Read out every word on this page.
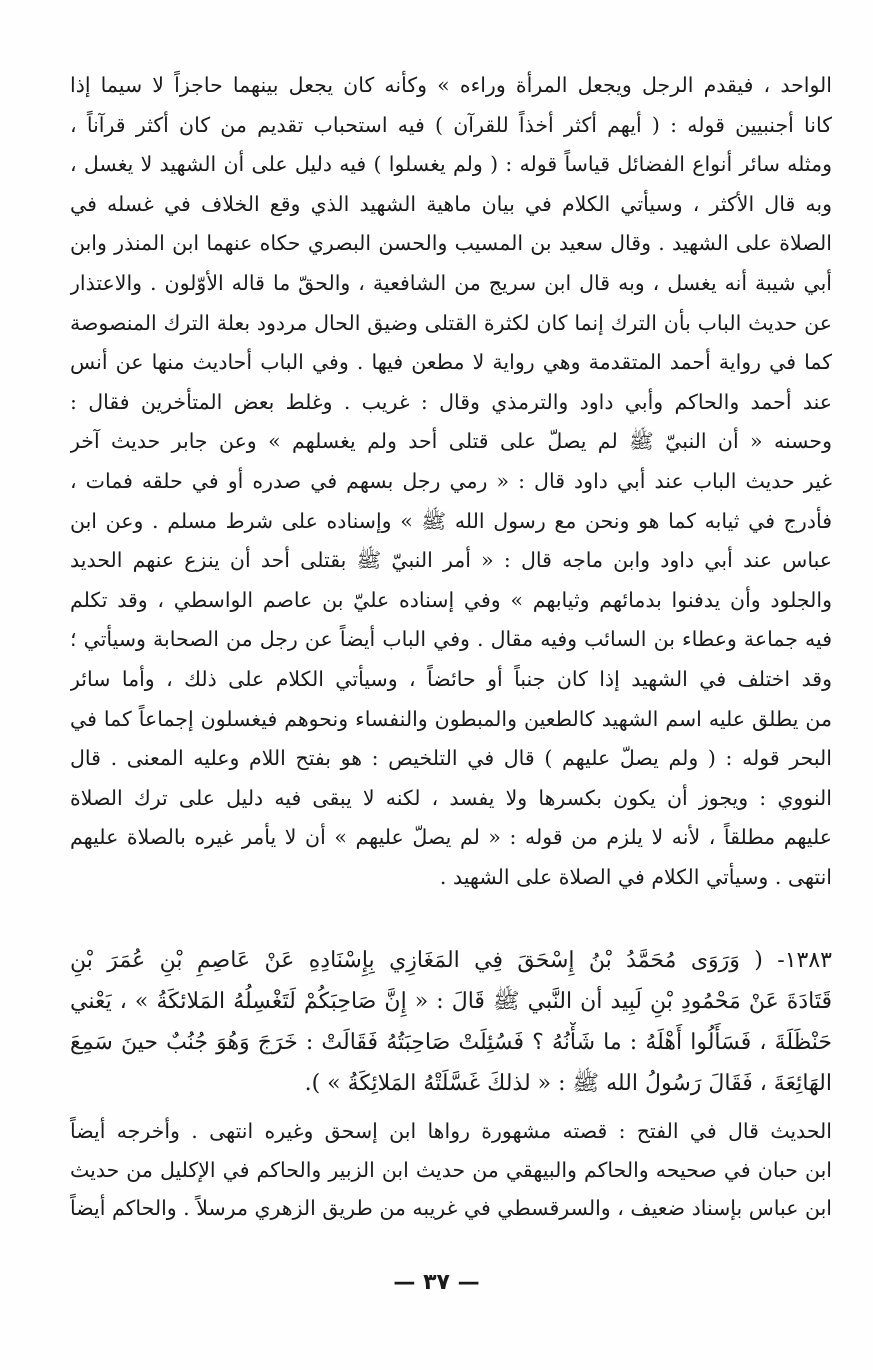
الواحد ، فيقدم الرجل ويجعل المرأة وراءه » وكأنه كان يجعل بينهما حاجزاً لا سيما إذا
كانا أجنبيين قوله : ( أيهم أكثر أخذاً للقرآن ) فيه استحباب تقديم من كان أكثر قرآناً ،
ومثله سائر أنواع الفضائل قياساً قوله : ( ولم يغسلوا ) فيه دليل على أن الشهيد لا يغسل ،
وبه قال الأكثر ، وسيأتي الكلام في بيان ماهية الشهيد الذي وقع الخلاف في غسله في
الصلاة على الشهيد . وقال سعيد بن المسيب والحسن البصري حكاه عنهما ابن المنذر وابن
أبي شيبة أنه يغسل ، وبه قال ابن سريج من الشافعية ، والحقّ ما قاله الأوّلون . والاعتذار
عن حديث الباب بأن الترك إنما كان لكثرة القتلى وضيق الحال مردود بعلة الترك المنصوصة
كما في رواية أحمد المتقدمة وهي رواية لا مطعن فيها . وفي الباب أحاديث منها عن أنس
عند أحمد والحاكم وأبي داود والترمذي وقال : غريب . وغلط بعض المتأخرين فقال :
وحسنه « أن النبيّ ﷺ لم يصلّ على قتلى أحد ولم يغسلهم » وعن جابر حديث آخر
غير حديث الباب عند أبي داود قال : « رمي رجل بسهم في صدره أو في حلقه فمات ،
فأدرج في ثيابه كما هو ونحن مع رسول الله ﷺ » وإسناده على شرط مسلم . وعن ابن
عباس عند أبي داود وابن ماجه قال : « أمر النبيّ ﷺ بقتلى أحد أن ينزع عنهم الحديد
والجلود وأن يدفنوا بدمائهم وثيابهم » وفي إسناده عليّ بن عاصم الواسطي ، وقد تكلم
فيه جماعة وعطاء بن السائب وفيه مقال . وفي الباب أيضاً عن رجل من الصحابة وسيأتي ؛
وقد اختلف في الشهيد إذا كان جنباً أو حائضاً ، وسيأتي الكلام على ذلك ، وأما سائر
من يطلق عليه اسم الشهيد كالطعين والمبطون والنفساء ونحوهم فيغسلون إجماعاً كما في
البحر قوله : ( ولم يصلّ عليهم ) قال في التلخيص : هو بفتح اللام وعليه المعنى . قال
النووي : ويجوز أن يكون بكسرها ولا يفسد ، لكنه لا يبقى فيه دليل على ترك الصلاة
عليهم مطلقاً ، لأنه لا يلزم من قوله : « لم يصلّ عليهم » أن لا يأمر غيره بالصلاة عليهم
انتهى . وسيأتي الكلام في الصلاة على الشهيد .
١٣٨٣- ( وَرَوَى مُحَمَّدُ بْنُ إِسْحَقَ فِي المَغَازِي بِإِسْنَادِهِ عَنْ عَاصِمِ بْنِ عُمَرَ بْنِ
قَتَادَةَ عَنْ مَحْمُودِ بْنِ لَبِيد أن النَّبي ﷺ قَالَ : « إِنَّ صَاحِبَكُمْ لَتَغْسِلُهُ المَلائكَةُ » ، يَعْني
حَنْظَلَةَ ، فَسَأَلُوا أَهْلَهُ : ما شَأْنُهُ ؟ فَسُئِلَتْ صَاحِبَتُهُ فَقَالَتْ : خَرَجَ وَهُوَ جُنُبٌ حينَ سَمِعَ
الهَائِعَةَ ، فَقَالَ رَسُولُ الله ﷺ : « لذلكَ غَسَّلَتْهُ المَلائِكَةُ » ).
الحديث قال في الفتح : قصته مشهورة رواها ابن إسحق وغيره انتهى . وأخرجه أيضاً
ابن حبان في صحيحه والحاكم والبيهقي من حديث ابن الزبير والحاكم في الإكليل من حديث
ابن عباس بإسناد ضعيف ، والسرقسطي في غريبه من طريق الزهري مرسلاً . والحاكم أيضاً
— ٣٧ —
